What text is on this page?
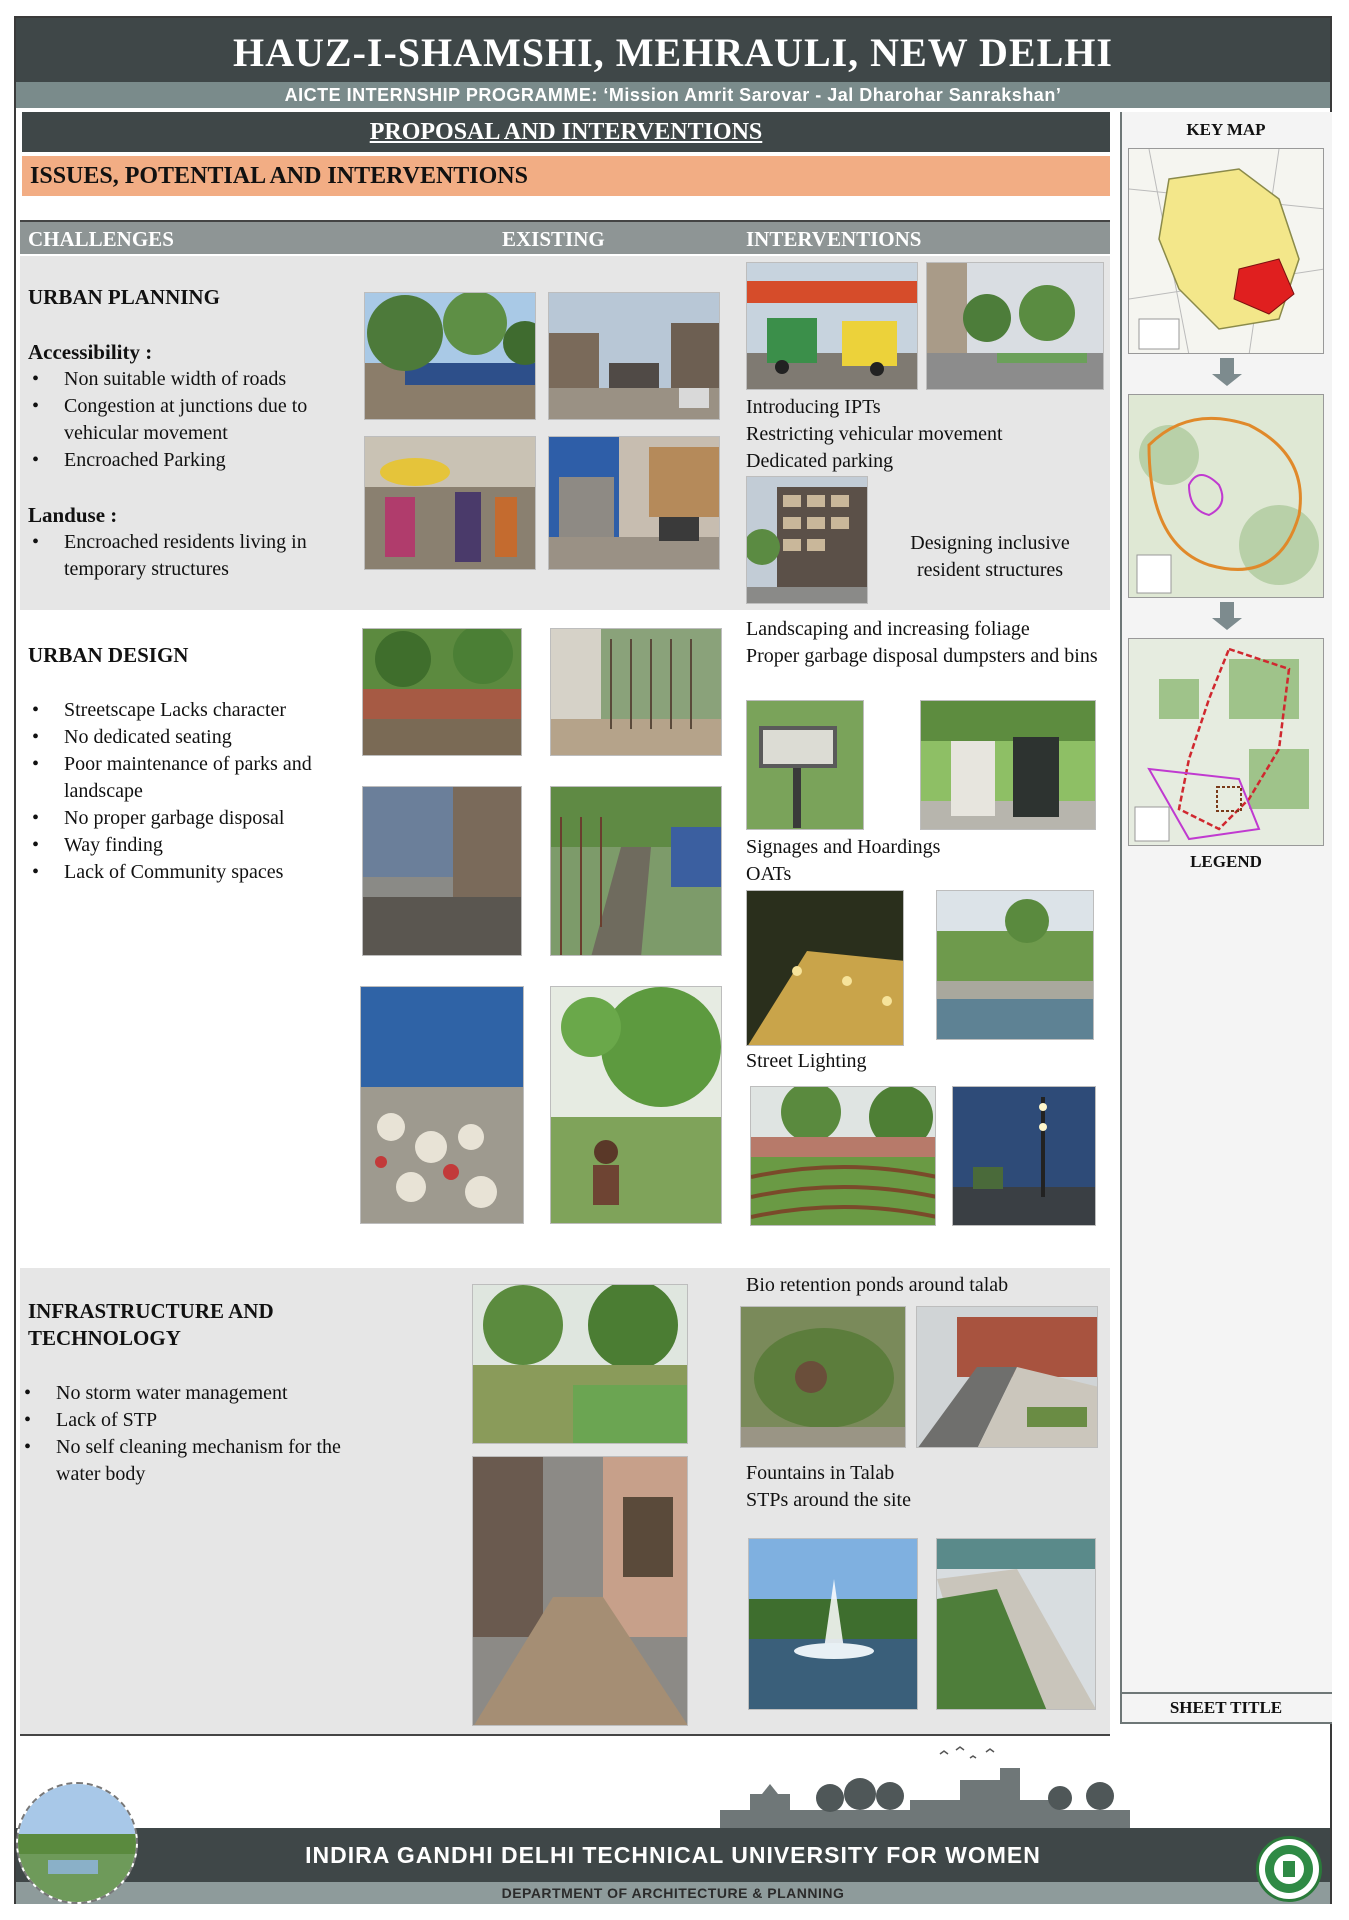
HAUZ-I-SHAMSHI, MEHRAULI, NEW DELHI
AICTE INTERNSHIP PROGRAMME: ‘Mission Amrit Sarovar - Jal Dharohar Sanrakshan’
PROPOSAL AND INTERVENTIONS
ISSUES, POTENTIAL AND INTERVENTIONS
CHALLENGES	EXISTING	INTERVENTIONS
URBAN PLANNING
Accessibility :
• Non suitable width of roads
• Congestion at junctions due to vehicular movement
• Encroached Parking
Landuse :
• Encroached residents living in temporary structures
Introducing IPTs
Restricting vehicular movement
Dedicated parking
Designing inclusive
resident structures
URBAN DESIGN
• Streetscape Lacks character
• No dedicated seating
• Poor maintenance of parks and landscape
• No proper garbage disposal
• Way finding
• Lack of Community spaces
Landscaping and increasing foliage
Proper garbage disposal dumpsters and bins
Signages and Hoardings
OATs
Street Lighting
INFRASTRUCTURE AND
TECHNOLOGY
• No storm water management
• Lack of STP
• No self cleaning mechanism for the water body
Bio retention ponds around talab
Fountains in Talab
STPs around the site
KEY MAP
LEGEND
SHEET TITLE
INDIRA GANDHI DELHI TECHNICAL UNIVERSITY FOR WOMEN
DEPARTMENT OF ARCHITECTURE & PLANNING
